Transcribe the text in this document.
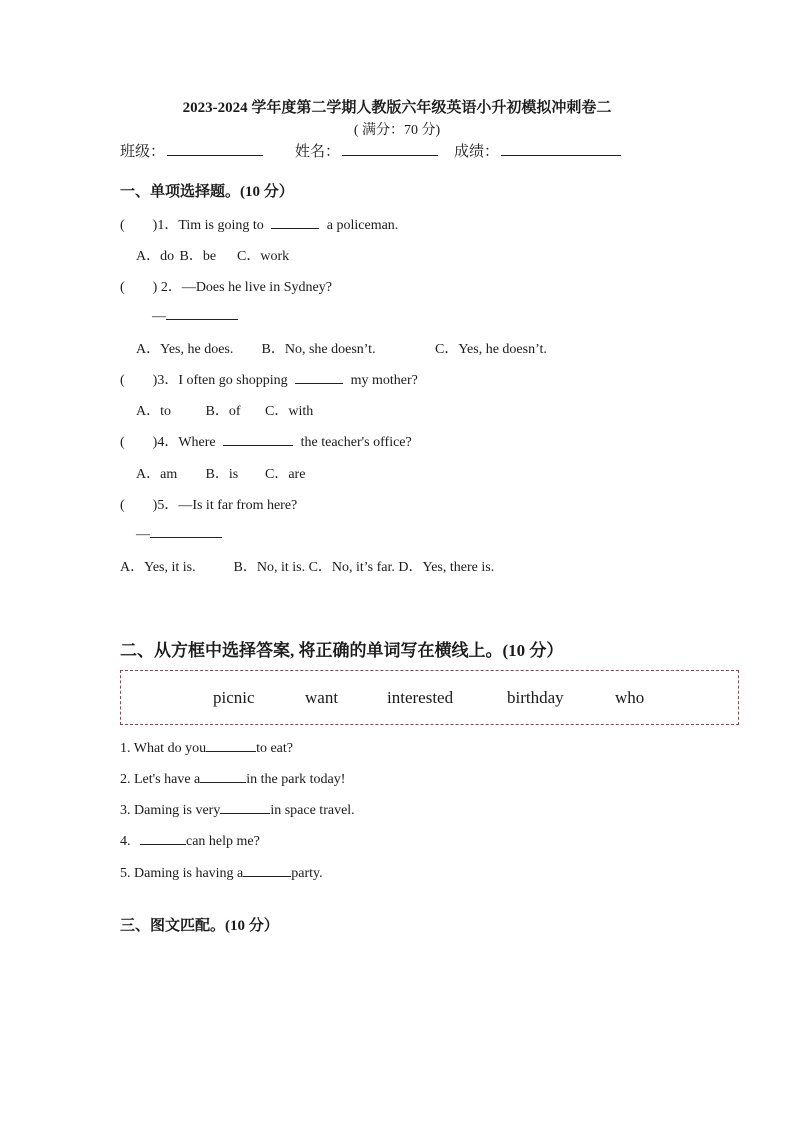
2023-2024 学年度第二学期人教版六年级英语小升初模拟冲刺卷二
( 满分：70 分)
班级：	姓名：	成绩：
一、单项选择题。(10 分）
(　　)1．Tim is going to	a policeman.
A．do B．be C．work
(　　) 2．—Does he live in Sydney?
—
A．Yes, he does. B．No, she doesn’t.	C．Yes, he doesn’t.
(　　)3．I often go shopping	my mother?
A．to B．of C．with
(　　)4．Where	the teacher's office?
A．am B．is C．are
(　　)5．—Is it far from here?
—
A．Yes, it is.	B．No, it is. C．No, it’s far. D．Yes, there is.
二、从方框中选择答案, 将正确的单词写在横线上。(10 分）
picnic	want	interested	birthday	who
1. What do you	to eat?
2. Let's have a	in the park today!
3. Daming is very	in space travel.
4.	can help me?
5. Daming is having a	party.
三、图文匹配。(10 分）
